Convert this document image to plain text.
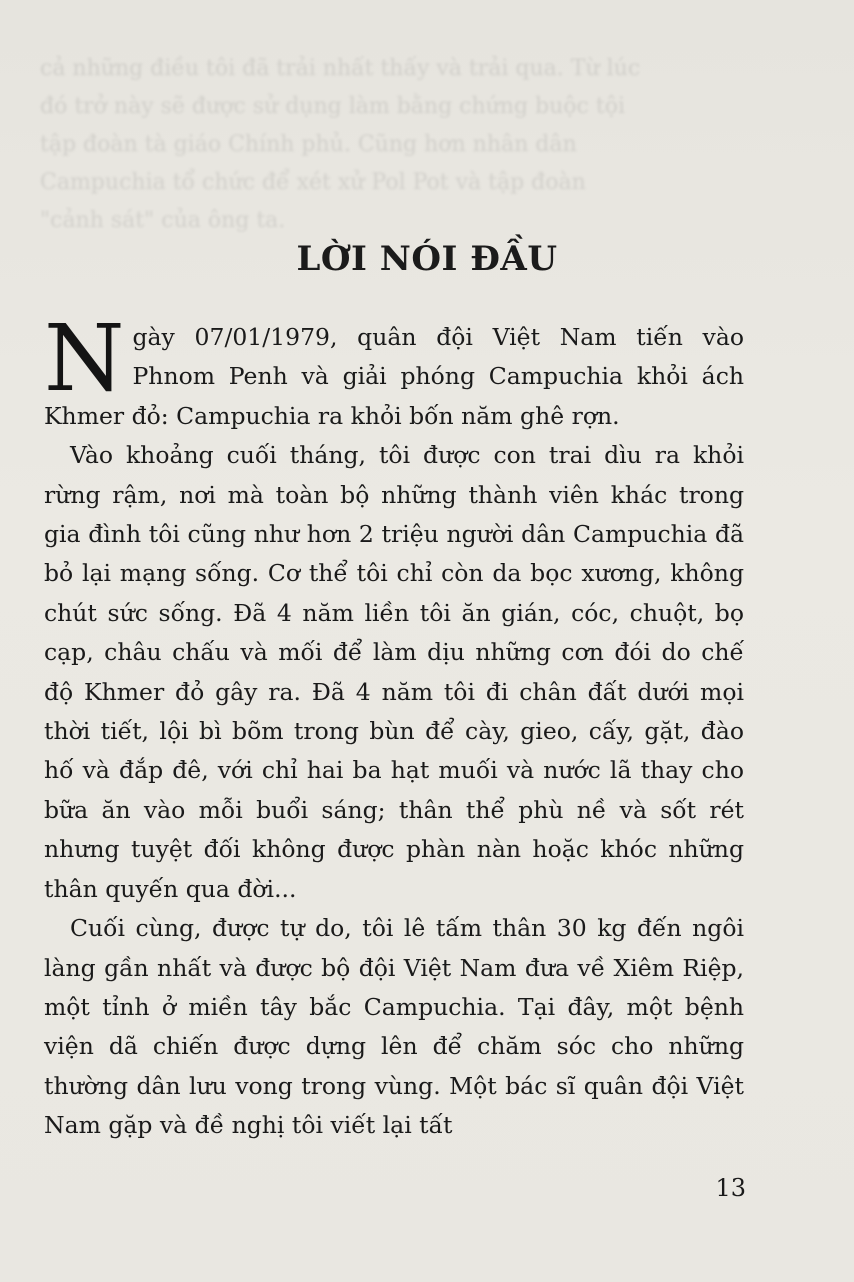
cả những điều tôi đã trải nhất thấy và trải qua. Từ lúc
đó trở này sẽ được sử dụng làm bằng chứng buộc tội
tập đoàn tà giáo Chính phủ. Cũng hơn nhân dân
Campuchia tổ chức để xét xử Pol Pot và tập đoàn
"cảnh sát" của ông ta.
LỜI NÓI ĐẦU

Ngày 07/01/1979, quân đội Việt Nam tiến vào Phnom Penh và giải phóng Campuchia khỏi ách Khmer đỏ: Campuchia ra khỏi bốn năm ghê rợn.

Vào khoảng cuối tháng, tôi được con trai dìu ra khỏi rừng rậm, nơi mà toàn bộ những thành viên khác trong gia đình tôi cũng như hơn 2 triệu người dân Campuchia đã bỏ lại mạng sống. Cơ thể tôi chỉ còn da bọc xương, không chút sức sống. Đã 4 năm liền tôi ăn gián, cóc, chuột, bọ cạp, châu chấu và mối để làm dịu những cơn đói do chế độ Khmer đỏ gây ra. Đã 4 năm tôi đi chân đất dưới mọi thời tiết, lội bì bõm trong bùn để cày, gieo, cấy, gặt, đào hố và đắp đê, với chỉ hai ba hạt muối và nước lã thay cho bữa ăn vào mỗi buổi sáng; thân thể phù nề và sốt rét nhưng tuyệt đối không được phàn nàn hoặc khóc những thân quyến qua đời...

Cuối cùng, được tự do, tôi lê tấm thân 30 kg đến ngôi làng gần nhất và được bộ đội Việt Nam đưa về Xiêm Riệp, một tỉnh ở miền tây bắc Campuchia. Tại đây, một bệnh viện dã chiến được dựng lên để chăm sóc cho những thường dân lưu vong trong vùng. Một bác sĩ quân đội Việt Nam gặp và đề nghị tôi viết lại tất

13
